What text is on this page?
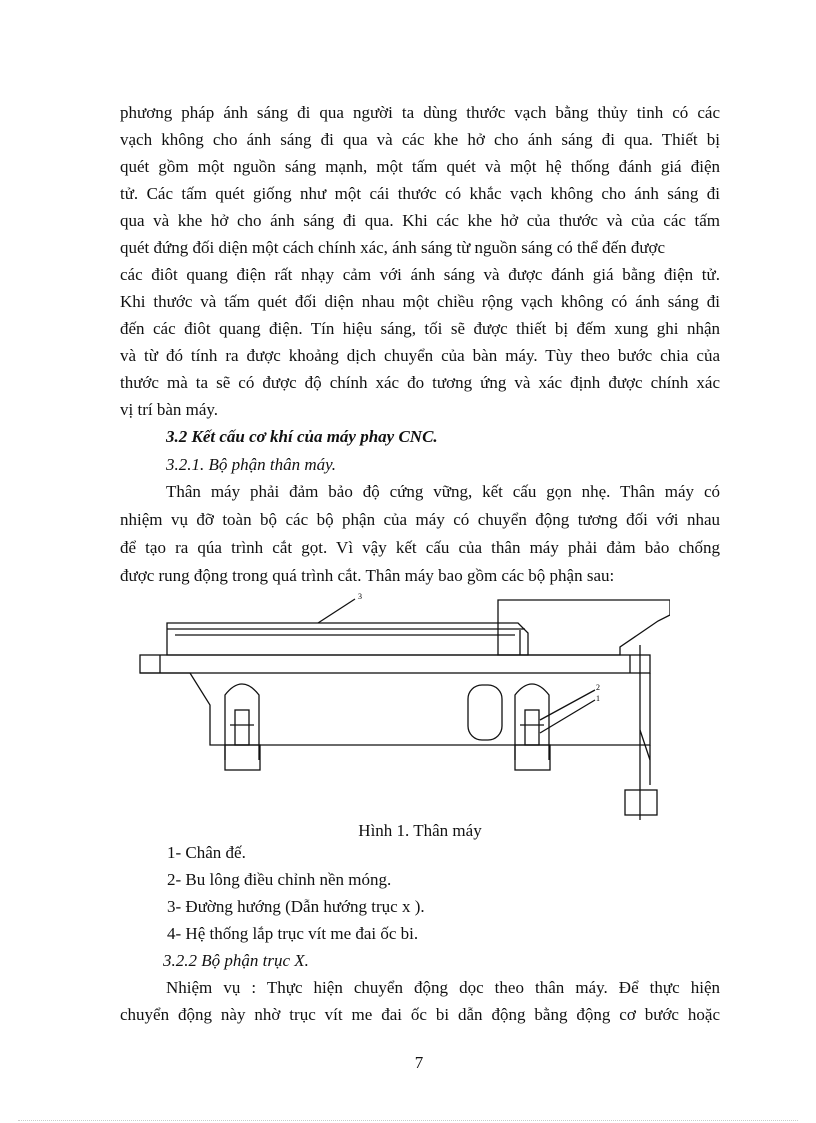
phương pháp ánh sáng đi qua người ta dùng thước vạch bằng thủy tinh có các
vạch không cho ánh sáng đi qua và các khe hở cho ánh sáng đi qua. Thiết bị
quét gồm một nguồn sáng mạnh, một tấm quét và một hệ thống đánh giá điện
tử. Các tấm quét giống như một cái thước có khắc vạch không cho ánh sáng đi
qua và khe hở cho ánh sáng đi qua. Khi các khe hở của thước và của các tấm
quét đứng đối diện một cách chính xác, ánh sáng từ nguồn sáng có thể đến được
các điôt quang điện rất nhạy cảm với ánh sáng và được đánh giá bằng điện tử.
Khi thước và tấm quét đối diện nhau một chiều rộng vạch không có ánh sáng đi
đến các điôt quang điện. Tín hiệu sáng, tối sẽ được thiết bị đếm xung ghi nhận
và từ đó tính ra được khoảng dịch chuyển của bàn máy. Tùy theo bước chia của
thước mà ta sẽ có được độ chính xác đo tương ứng và xác định được chính xác
vị trí bàn máy.
3.2 Kết cấu cơ khí của máy phay CNC.
3.2.1. Bộ phận thân máy.
Thân máy phải đảm bảo độ cứng vững, kết cấu gọn nhẹ. Thân máy có
nhiệm vụ đỡ toàn bộ các bộ phận của máy có chuyển động tương đối với nhau
để tạo ra qúa trình cắt gọt. Vì vậy kết cấu của thân máy phải đảm bảo chống
được rung động trong quá trình cắt. Thân máy bao gồm các bộ phận sau:
3
2
1
Hình 1. Thân máy
1- Chân đế.
2- Bu lông điều chỉnh nền móng.
3- Đường hướng (Dẫn hướng trục x ).
4- Hệ thống lắp trục vít me đai ốc bi.
3.2.2 Bộ phận trục X.
Nhiệm vụ : Thực hiện chuyển động dọc theo thân máy. Để thực hiện
chuyển động này nhờ trục vít me đai ốc bi dẫn động bằng động cơ bước hoặc
7
